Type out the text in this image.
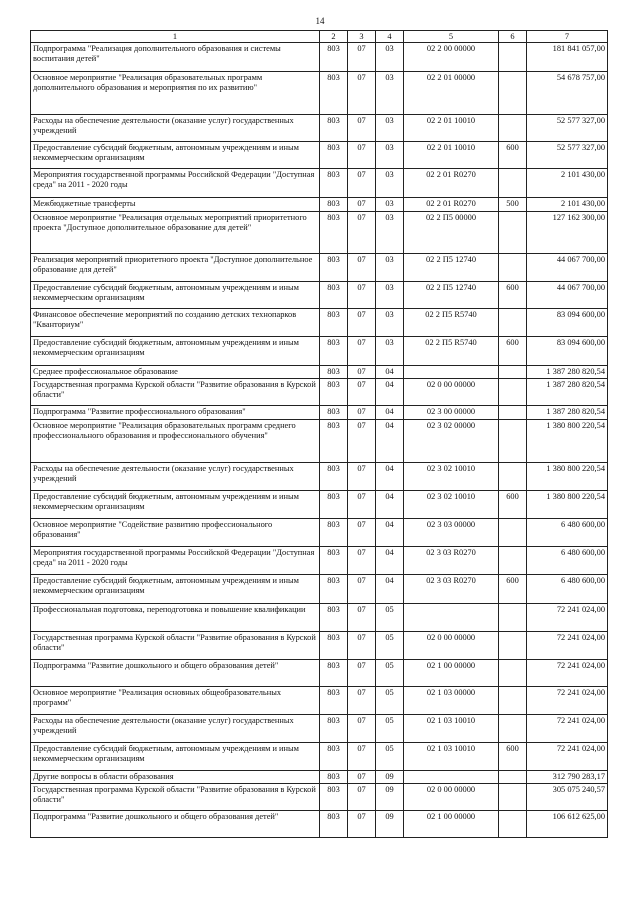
14
1	2	3	4	5	6	7
Подпрограмма "Реализация дополнительного образования и системы воспитания детей"	803	07	03	02 2 00 00000		181 841 057,00
Основное мероприятие "Реализация образовательных программ дополнительного образования и мероприятия по их развитию"	803	07	03	02 2 01 00000		54 678 757,00
Расходы на обеспечение деятельности (оказание услуг) государственных учреждений	803	07	03	02 2 01 10010		52 577 327,00
Предоставление субсидий бюджетным, автономным учреждениям и иным некоммерческим организациям	803	07	03	02 2 01 10010	600	52 577 327,00
Мероприятия государственной программы Российской Федерации "Доступная среда" на 2011 - 2020 годы	803	07	03	02 2 01 R0270		2 101 430,00
Межбюджетные трансферты	803	07	03	02 2 01 R0270	500	2 101 430,00
Основное мероприятие "Реализация отдельных мероприятий приоритетного проекта "Доступное дополнительное образование для детей"	803	07	03	02 2 П5 00000		127 162 300,00
Реализация мероприятий приоритетного проекта "Доступное дополнительное образование для детей"	803	07	03	02 2 П5 12740		44 067 700,00
Предоставление субсидий бюджетным, автономным учреждениям и иным некоммерческим организациям	803	07	03	02 2 П5 12740	600	44 067 700,00
Финансовое обеспечение мероприятий по созданию детских технопарков "Кванториум"	803	07	03	02 2 П5 R5740		83 094 600,00
Предоставление субсидий бюджетным, автономным учреждениям и иным некоммерческим организациям	803	07	03	02 2 П5 R5740	600	83 094 600,00
Среднее профессиональное образование	803	07	04			1 387 280 820,54
Государственная программа Курской области "Развитие образования в Курской области"	803	07	04	02 0 00 00000		1 387 280 820,54
Подпрограмма "Развитие профессионального образования"	803	07	04	02 3 00 00000		1 387 280 820,54
Основное мероприятие "Реализация образовательных программ среднего профессионального образования и профессионального обучения"	803	07	04	02 3 02 00000		1 380 800 220,54
Расходы на обеспечение деятельности (оказание услуг) государственных учреждений	803	07	04	02 3 02 10010		1 380 800 220,54
Предоставление субсидий бюджетным, автономным учреждениям и иным некоммерческим организациям	803	07	04	02 3 02 10010	600	1 380 800 220,54
Основное мероприятие "Содействие развитию профессионального образования"	803	07	04	02 3 03 00000		6 480 600,00
Мероприятия государственной программы Российской Федерации "Доступная среда" на 2011 - 2020 годы	803	07	04	02 3 03 R0270		6 480 600,00
Предоставление субсидий бюджетным, автономным учреждениям и иным некоммерческим организациям	803	07	04	02 3 03 R0270	600	6 480 600,00
Профессиональная подготовка, переподготовка и повышение квалификации	803	07	05			72 241 024,00
Государственная программа Курской области "Развитие образования в Курской области"	803	07	05	02 0 00 00000		72 241 024,00
Подпрограмма "Развитие дошкольного и общего образования детей"	803	07	05	02 1 00 00000		72 241 024,00
Основное мероприятие "Реализация основных общеобразовательных программ"	803	07	05	02 1 03 00000		72 241 024,00
Расходы на обеспечение деятельности (оказание услуг) государственных учреждений	803	07	05	02 1 03 10010		72 241 024,00
Предоставление субсидий бюджетным, автономным учреждениям и иным некоммерческим организациям	803	07	05	02 1 03 10010	600	72 241 024,00
Другие вопросы в области образования	803	07	09			312 790 283,17
Государственная программа Курской области "Развитие образования в Курской области"	803	07	09	02 0 00 00000		305 075 240,57
Подпрограмма "Развитие дошкольного и общего образования детей"	803	07	09	02 1 00 00000		106 612 625,00
